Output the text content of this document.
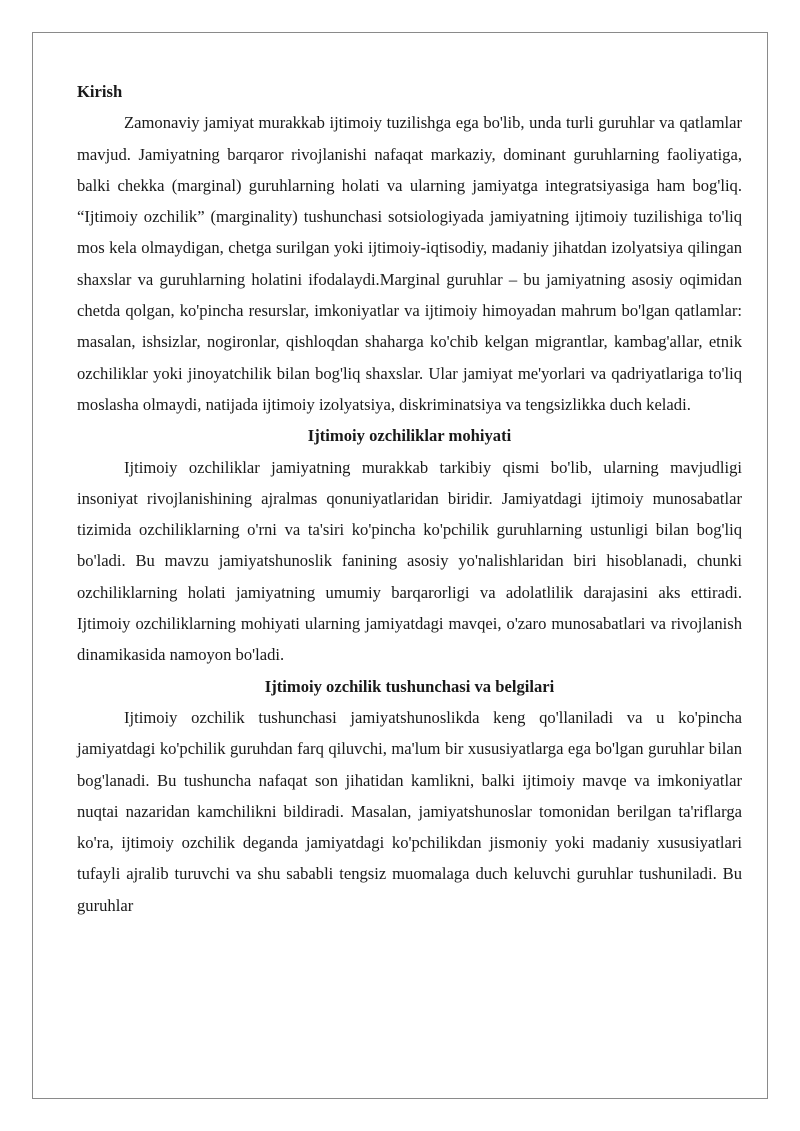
Kirish

Zamonaviy jamiyat murakkab ijtimoiy tuzilishga ega bo'lib, unda turli guruhlar va qatlamlar mavjud. Jamiyatning barqaror rivojlanishi nafaqat markaziy, dominant guruhlarning faoliyatiga, balki chekka (marginal) guruhlarning holati va ularning jamiyatga integratsiyasiga ham bog'liq. “Ijtimoiy ozchilik” (marginality) tushunchasi sotsiologiyada jamiyatning ijtimoiy tuzilishiga to'liq mos kela olmaydigan, chetga surilgan yoki ijtimoiy-iqtisodiy, madaniy jihatdan izolyatsiya qilingan shaxslar va guruhlarning holatini ifodalaydi.Marginal guruhlar – bu jamiyatning asosiy oqimidan chetda qolgan, ko'pincha resurslar, imkoniyatlar va ijtimoiy himoyadan mahrum bo'lgan qatlamlar: masalan, ishsizlar, nogironlar, qishloqdan shaharga ko'chib kelgan migrantlar, kambag'allar, etnik ozchiliklar yoki jinoyatchilik bilan bog'liq shaxslar. Ular jamiyat me'yorlari va qadriyatlariga to'liq moslasha olmaydi, natijada ijtimoiy izolyatsiya, diskriminatsiya va tengsizlikka duch keladi.

Ijtimoiy ozchiliklar mohiyati

Ijtimoiy ozchiliklar jamiyatning murakkab tarkibiy qismi bo'lib, ularning mavjudligi insoniyat rivojlanishining ajralmas qonuniyatlaridan biridir. Jamiyatdagi ijtimoiy munosabatlar tizimida ozchiliklarning o'rni va ta'siri ko'pincha ko'pchilik guruhlarning ustunligi bilan bog'liq bo'ladi. Bu mavzu jamiyatshunoslik fanining asosiy yo'nalishlaridan biri hisoblanadi, chunki ozchiliklarning holati jamiyatning umumiy barqarorligi va adolatlilik darajasini aks ettiradi. Ijtimoiy ozchiliklarning mohiyati ularning jamiyatdagi mavqei, o'zaro munosabatlari va rivojlanish dinamikasida namoyon bo'ladi.

Ijtimoiy ozchilik tushunchasi va belgilari

Ijtimoiy ozchilik tushunchasi jamiyatshunoslikda keng qo'llaniladi va u ko'pincha jamiyatdagi ko'pchilik guruhdan farq qiluvchi, ma'lum bir xususiyatlarga ega bo'lgan guruhlar bilan bog'lanadi. Bu tushuncha nafaqat son jihatidan kamlikni, balki ijtimoiy mavqe va imkoniyatlar nuqtai nazaridan kamchilikni bildiradi. Masalan, jamiyatshunoslar tomonidan berilgan ta'riflarga ko'ra, ijtimoiy ozchilik deganda jamiyatdagi ko'pchilikdan jismoniy yoki madaniy xususiyatlari tufayli ajralib turuvchi va shu sababli tengsiz muomalaga duch keluvchi guruhlar tushuniladi. Bu guruhlar
